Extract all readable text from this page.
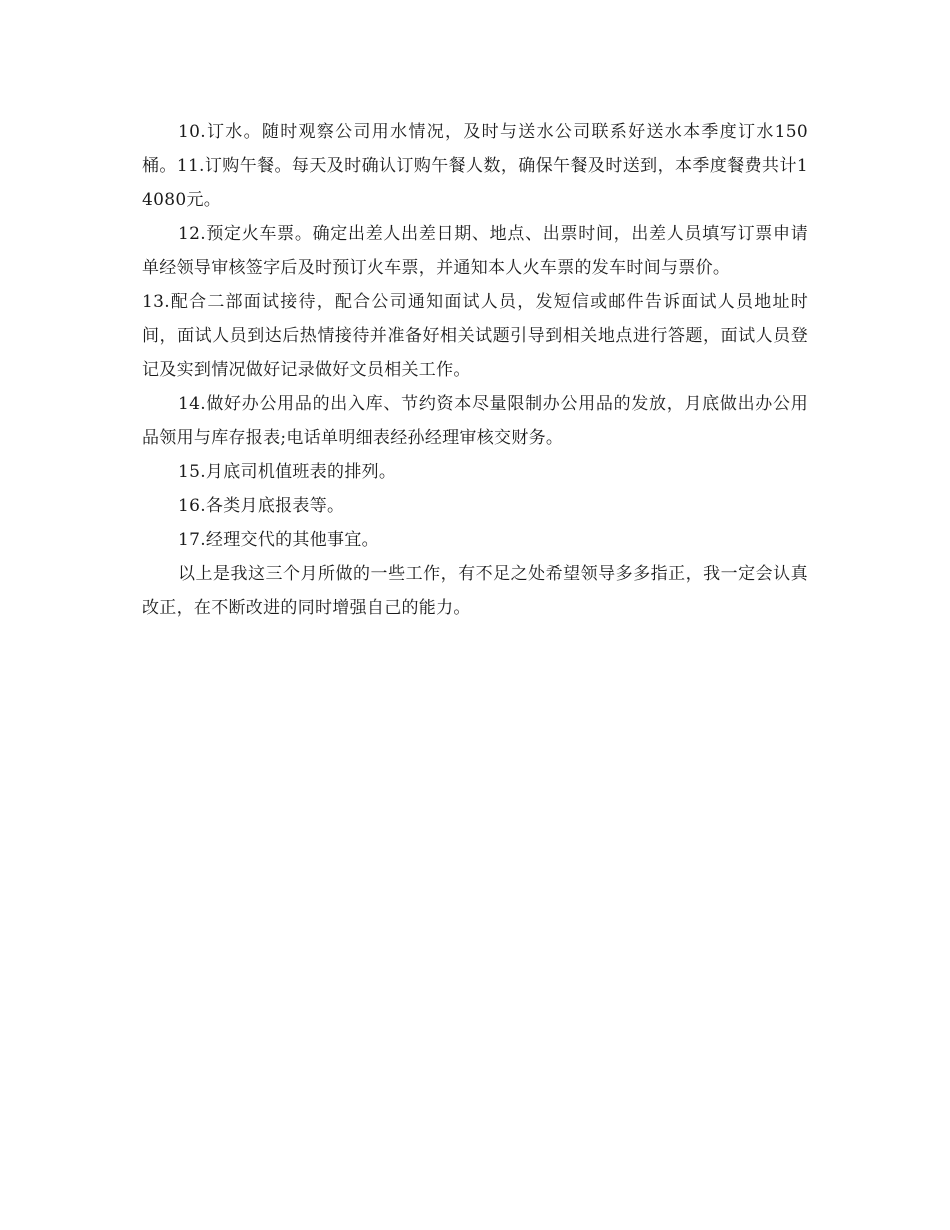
10.订水。随时观察公司用水情况，及时与送水公司联系好送水本季度订水150桶。11.订购午餐。每天及时确认订购午餐人数，确保午餐及时送到，本季度餐费共计14080元。

12.预定火车票。确定出差人出差日期、地点、出票时间，出差人员填写订票申请单经领导审核签字后及时预订火车票，并通知本人火车票的发车时间与票价。

13.配合二部面试接待，配合公司通知面试人员，发短信或邮件告诉面试人员地址时间，面试人员到达后热情接待并准备好相关试题引导到相关地点进行答题，面试人员登记及实到情况做好记录做好文员相关工作。

14.做好办公用品的出入库、节约资本尽量限制办公用品的发放，月底做出办公用品领用与库存报表;电话单明细表经孙经理审核交财务。

15.月底司机值班表的排列。

16.各类月底报表等。

17.经理交代的其他事宜。

以上是我这三个月所做的一些工作，有不足之处希望领导多多指正，我一定会认真改正，在不断改进的同时增强自己的能力。
